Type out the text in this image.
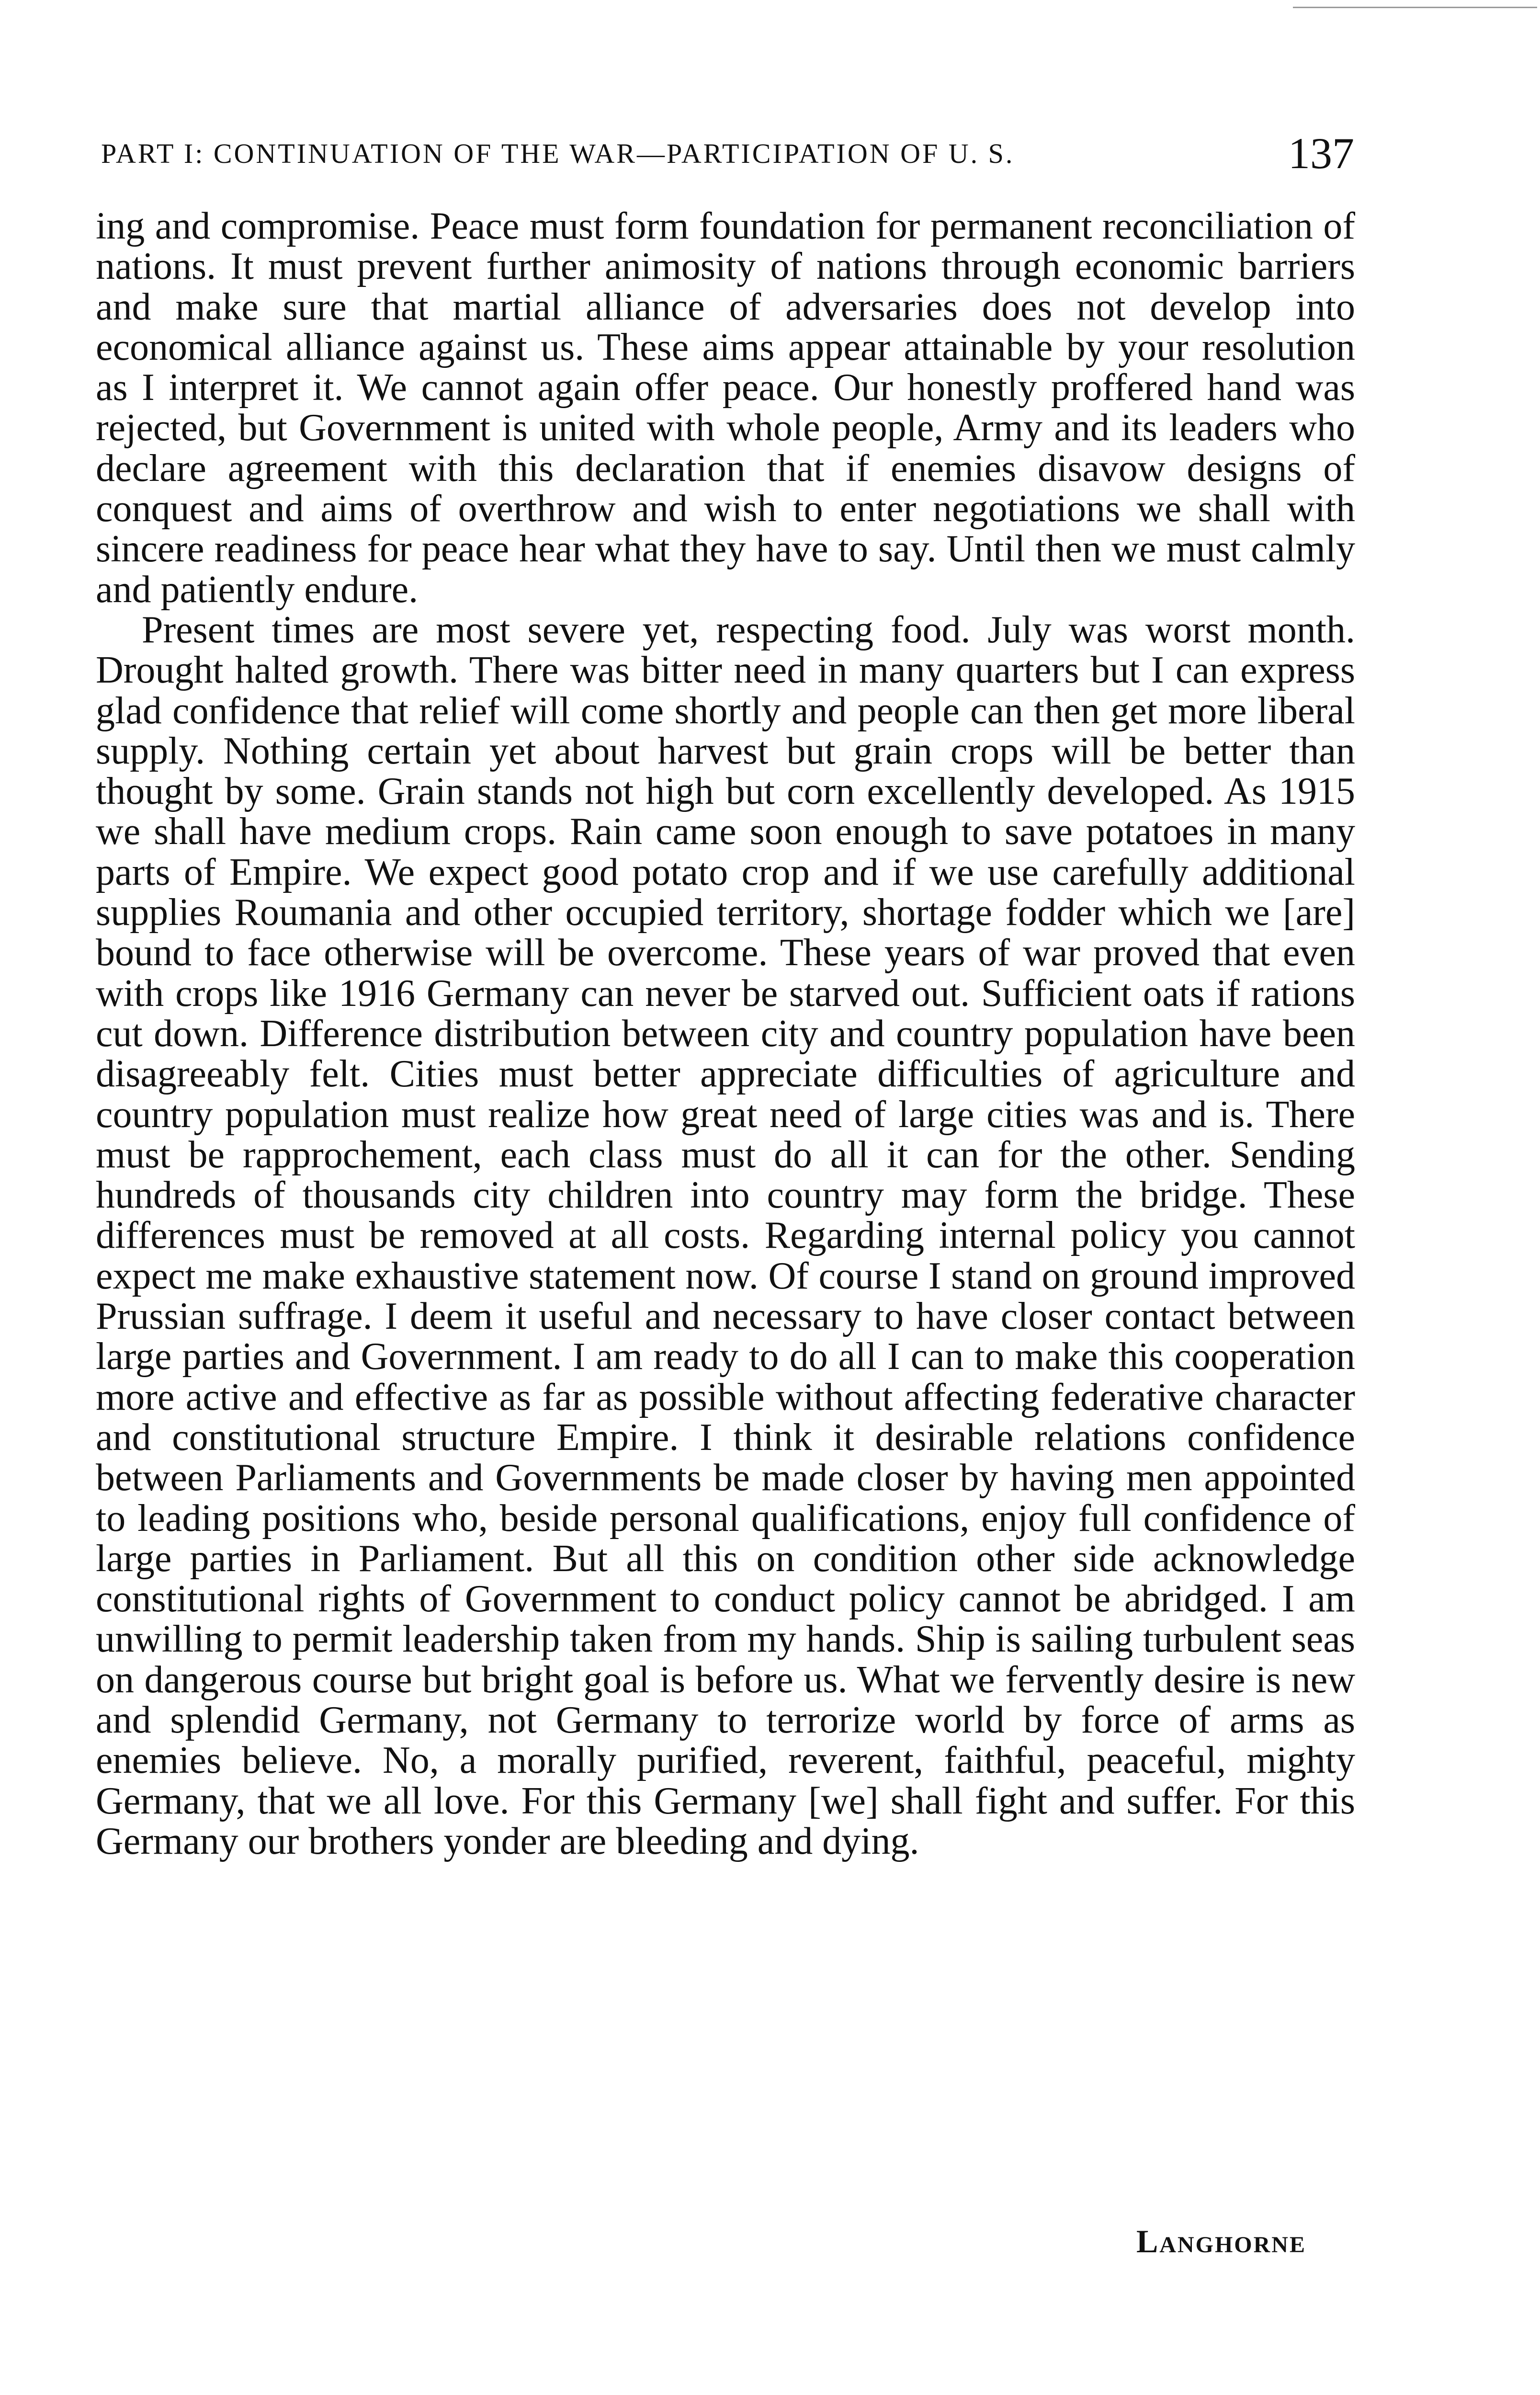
PART I: CONTINUATION OF THE WAR—PARTICIPATION OF U. S.	137

ing and compromise. Peace must form foundation for permanent reconciliation of nations. It must prevent further animosity of nations through economic barriers and make sure that martial alliance of adversaries does not develop into economical alliance against us. These aims appear attainable by your resolution as I interpret it. We cannot again offer peace. Our honestly proffered hand was rejected, but Government is united with whole people, Army and its leaders who declare agreement with this declaration that if enemies disavow designs of conquest and aims of overthrow and wish to enter negotiations we shall with sincere readiness for peace hear what they have to say. Until then we must calmly and patiently endure.

Present times are most severe yet, respecting food. July was worst month. Drought halted growth. There was bitter need in many quarters but I can express glad confidence that relief will come shortly and people can then get more liberal supply. Nothing certain yet about harvest but grain crops will be better than thought by some. Grain stands not high but corn excellently developed. As 1915 we shall have medium crops. Rain came soon enough to save potatoes in many parts of Empire. We expect good potato crop and if we use carefully additional supplies Roumania and other occupied territory, shortage fodder which we [are] bound to face otherwise will be overcome. These years of war proved that even with crops like 1916 Germany can never be starved out. Sufficient oats if rations cut down. Difference distribution between city and country population have been disagreeably felt. Cities must better appreciate difficulties of agriculture and country population must realize how great need of large cities was and is. There must be rapprochement, each class must do all it can for the other. Sending hundreds of thousands city children into country may form the bridge. These differences must be removed at all costs. Regarding internal policy you cannot expect me make exhaustive statement now. Of course I stand on ground improved Prussian suffrage. I deem it useful and necessary to have closer contact between large parties and Government. I am ready to do all I can to make this cooperation more active and effective as far as possible without affecting federative character and constitutional structure Empire. I think it desirable relations confidence between Parliaments and Governments be made closer by having men appointed to leading positions who, beside personal qualifications, enjoy full confidence of large parties in Parliament. But all this on condition other side acknowledge constitutional rights of Government to conduct policy cannot be abridged. I am unwilling to permit leadership taken from my hands. Ship is sailing turbulent seas on dangerous course but bright goal is before us. What we fervently desire is new and splendid Germany, not Germany to terrorize world by force of arms as enemies believe. No, a morally purified, reverent, faithful, peaceful, mighty Germany, that we all love. For this Germany [we] shall fight and suffer. For this Germany our brothers yonder are bleeding and dying.

Langhorne
